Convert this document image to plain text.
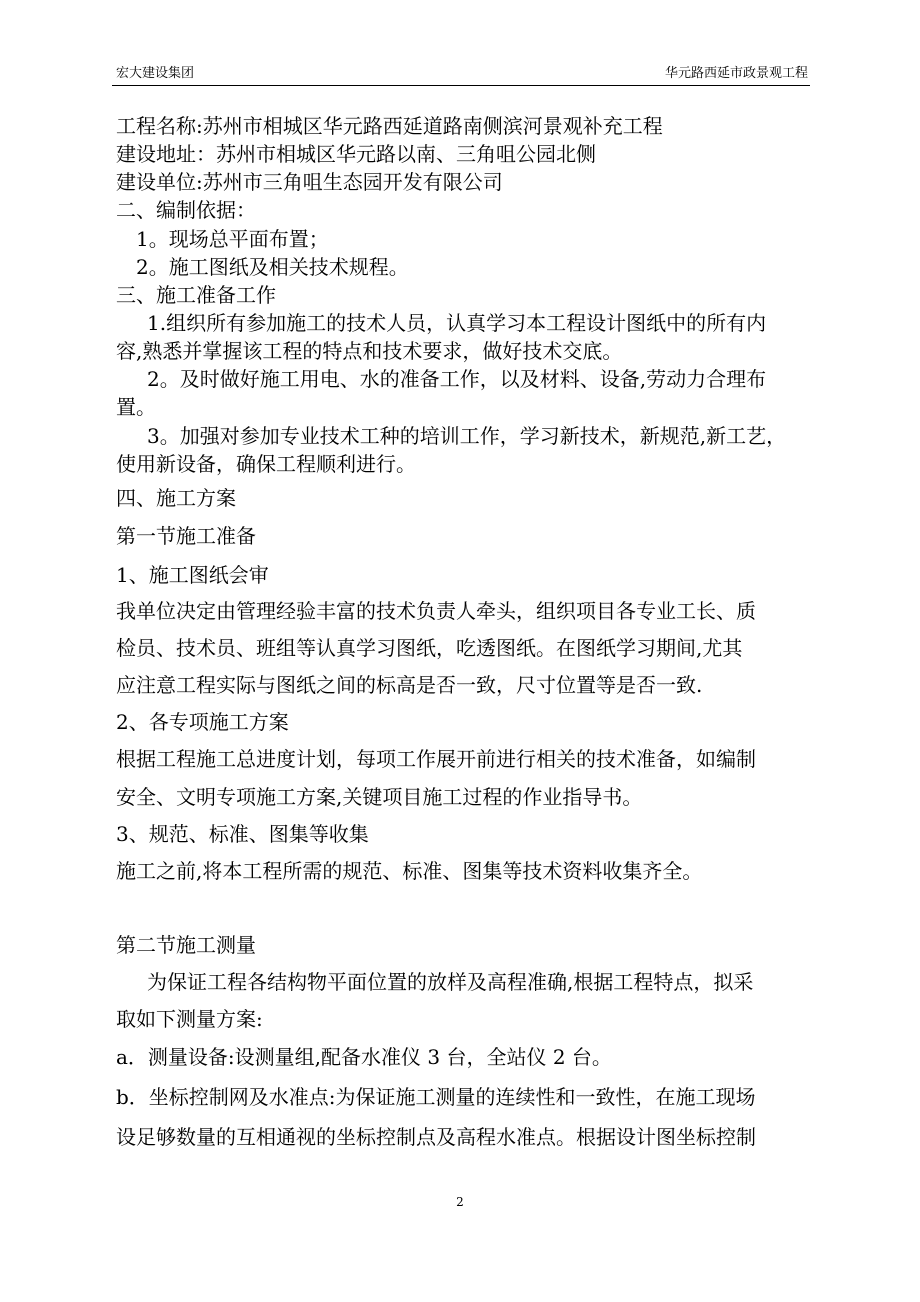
宏大建设集团	华元路西延市政景观工程
工程名称:苏州市相城区华元路西延道路南侧滨河景观补充工程
建设地址：苏州市相城区华元路以南、三角咀公园北侧
建设单位:苏州市三角咀生态园开发有限公司
二、编制依据：
1。现场总平面布置；
2。施工图纸及相关技术规程。
三、施工准备工作
1.组织所有参加施工的技术人员，认真学习本工程设计图纸中的所有内
容,熟悉并掌握该工程的特点和技术要求，做好技术交底。
2。及时做好施工用电、水的准备工作，以及材料、设备,劳动力合理布
置。
3。加强对参加专业技术工种的培训工作，学习新技术，新规范,新工艺，
使用新设备，确保工程顺利进行。
四、施工方案
第一节施工准备
1、施工图纸会审
我单位决定由管理经验丰富的技术负责人牵头，组织项目各专业工长、质
检员、技术员、班组等认真学习图纸，吃透图纸。在图纸学习期间,尤其
应注意工程实际与图纸之间的标高是否一致，尺寸位置等是否一致.
2、各专项施工方案
根据工程施工总进度计划，每项工作展开前进行相关的技术准备，如编制
安全、文明专项施工方案,关键项目施工过程的作业指导书。
3、规范、标准、图集等收集
施工之前,将本工程所需的规范、标准、图集等技术资料收集齐全。
第二节施工测量
为保证工程各结构物平面位置的放样及高程准确,根据工程特点，拟采
取如下测量方案:
a．测量设备:设测量组,配备水准仪 3 台，全站仪 2 台。
b．坐标控制网及水准点:为保证施工测量的连续性和一致性，在施工现场
设足够数量的互相通视的坐标控制点及高程水准点。根据设计图坐标控制
2
